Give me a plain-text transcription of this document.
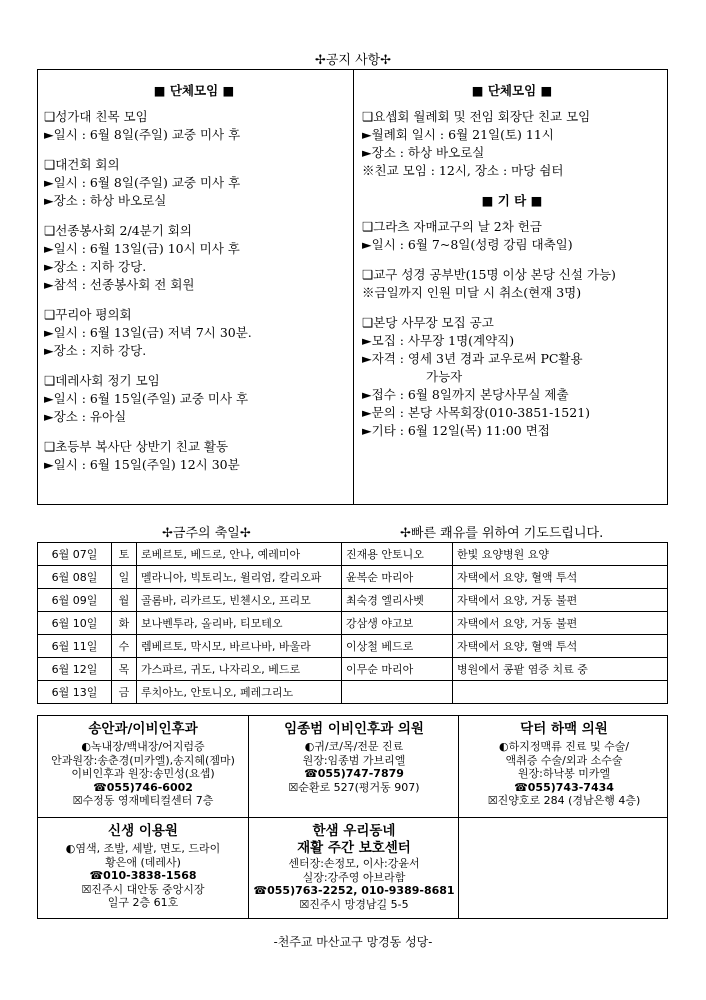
✢공지 사항✢
■ 단체모임 ■
❑성가대 친목 모임
►일시 : 6월 8일(주일) 교중 미사 후
❑대건회 회의
►일시 : 6월 8일(주일) 교중 미사 후
►장소 : 하상 바오로실
❑선종봉사회 2/4분기 회의
►일시 : 6월 13일(금) 10시 미사 후
►장소 : 지하 강당.
►참석 : 선종봉사회 전 회원
❑꾸리아 평의회
►일시 : 6월 13일(금) 저녁 7시 30분.
►장소 : 지하 강당.
❑데레사회 정기 모임
►일시 : 6월 15일(주일) 교중 미사 후
►장소 : 유아실
❑초등부 복사단 상반기 친교 활동
►일시 : 6월 15일(주일) 12시 30분
■ 단체모임 ■
❑요셉회 월례회 및 전임 회장단 친교 모임
►월례회 일시 : 6월 21일(토) 11시
►장소 : 하상 바오로실
※친교 모임 : 12시, 장소 : 마당 쉼터
■ 기 타 ■
❑그라츠 자매교구의 날 2차 헌금
►일시 : 6월 7~8일(성령 강림 대축일)
❑교구 성경 공부반(15명 이상 본당 신설 가능)
※금일까지 인원 미달 시 취소(현재 3명)
❑본당 사무장 모집 공고
►모집 : 사무장 1명(계약직)
►자격 : 영세 3년 경과 교우로써 PC활용
가능자
►접수 : 6월 8일까지 본당사무실 제출
►문의 : 본당 사목회장(010-3851-1521)
►기타 : 6월 12일(목) 11:00 면접
✢금주의 축일✢	✢빠른 쾌유를 위하여 기도드립니다.
6월 07일	토	로베르토, 베드로, 안나, 예레미아	진재용 안토니오	한빛 요양병원 요양
6월 08일	일	멜라니아, 빅토리노, 윌리엄, 칼리오파	윤복순 마리아	자택에서 요양, 혈액 투석
6월 09일	월	골롬바, 리카르도, 빈첸시오, 프리모	최숙경 엘리사벳	자택에서 요양, 거동 불편
6월 10일	화	보나벤투라, 올리바, 티모테오	강삼생 야고보	자택에서 요양, 거동 불편
6월 11일	수	렘베르토, 막시모, 바르나바, 바울라	이상철 베드로	자택에서 요양, 혈액 투석
6월 12일	목	가스파르, 귀도, 나자리오, 베드로	이무순 마리아	병원에서 콩팥 염증 치료 중
6월 13일	금	루치아노, 안토니오, 페레그리노		
송안과/이비인후과
◐녹내장/백내장/어지럼증
안과원장:송춘경(미카엘),송지혜(젬마)
이비인후과 원장:송민성(요셉)
☎055)746-6002
☒수정동 영재메티컬센터 7층
임종범 이비인후과 의원
◐귀/코/목/전문 진료
원장:임종범 가브리엘
☎055)747-7879
☒순환로 527(평거동 907)
닥터 하맥 의원
◐하지정맥류 진료 및 수술/
액취증 수술/외과 소수술
원장:하낙봉 미카엘
☎055)743-7434
☒진양호로 284 (경남은행 4층)
신생 이용원
◐염색, 조발, 세발, 면도, 드라이
황은애 (데레사)
☎010-3838-1568
☒진주시 대안동 중앙시장
일구 2층 61호
한샘 우리동네
재활 주간 보호센터
센터장:손정모, 이사:강윤서
실장:강주영 아브라함
☎055)763-2252, 010-9389-8681
☒진주시 망경남길 5-5
-천주교 마산교구 망경동 성당-
